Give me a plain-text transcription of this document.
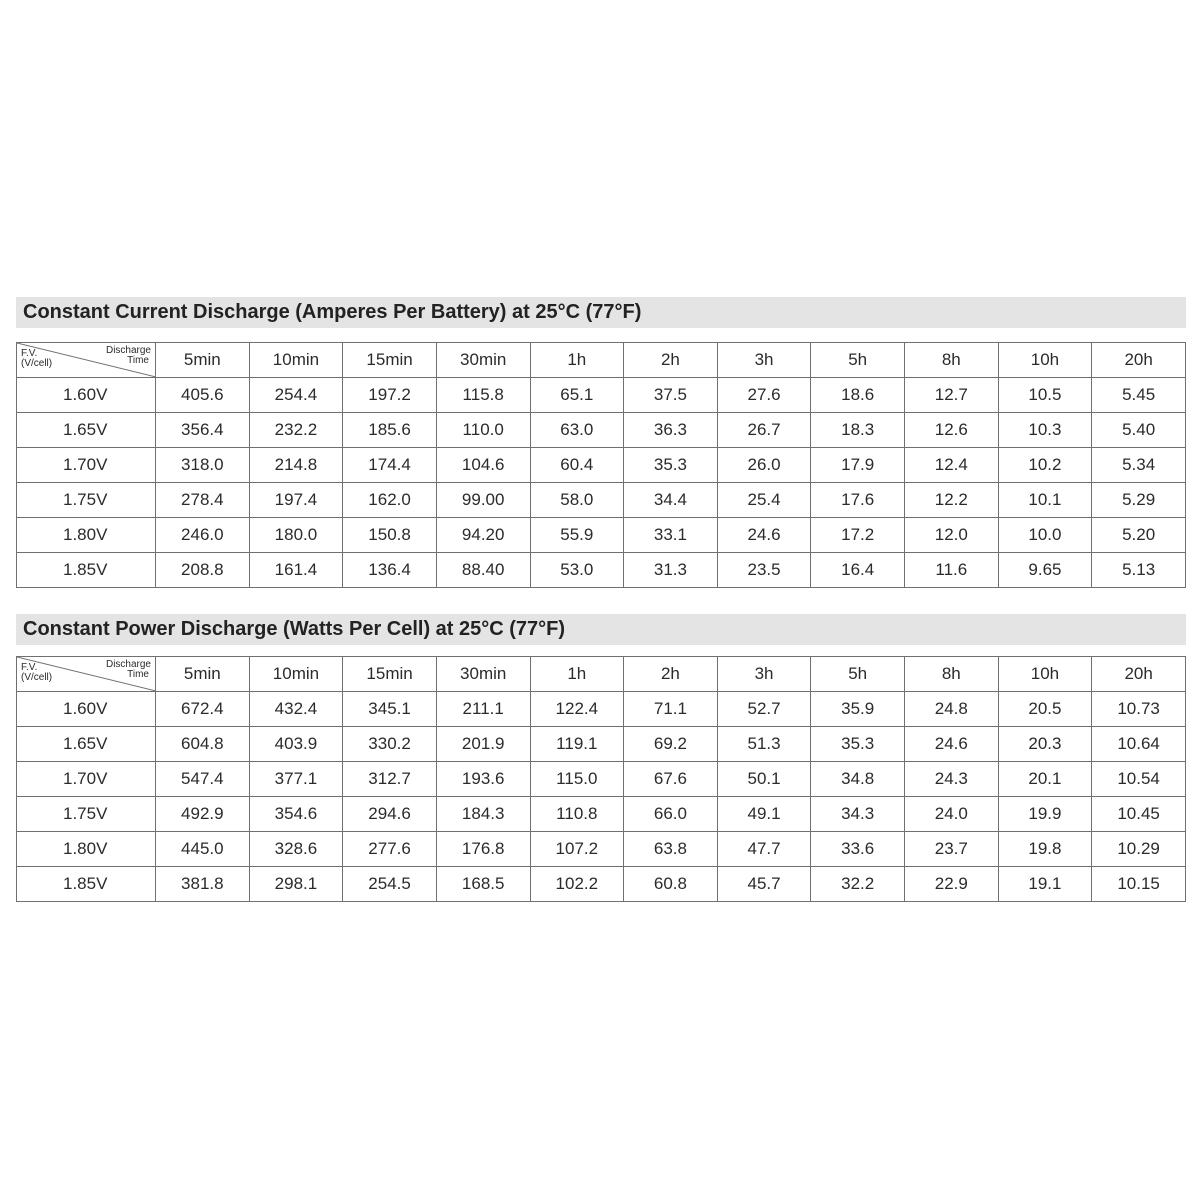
Constant Current Discharge (Amperes Per Battery) at 25°C (77°F)
F.V.
(V/cell)
Discharge
Time	5min	10min	15min	30min	1h	2h	3h	5h	8h	10h	20h
1.60V	405.6	254.4	197.2	115.8	65.1	37.5	27.6	18.6	12.7	10.5	5.45
1.65V	356.4	232.2	185.6	110.0	63.0	36.3	26.7	18.3	12.6	10.3	5.40
1.70V	318.0	214.8	174.4	104.6	60.4	35.3	26.0	17.9	12.4	10.2	5.34
1.75V	278.4	197.4	162.0	99.00	58.0	34.4	25.4	17.6	12.2	10.1	5.29
1.80V	246.0	180.0	150.8	94.20	55.9	33.1	24.6	17.2	12.0	10.0	5.20
1.85V	208.8	161.4	136.4	88.40	53.0	31.3	23.5	16.4	11.6	9.65	5.13
Constant Power Discharge (Watts Per Cell) at 25°C (77°F)
F.V.
(V/cell)
Discharge
Time	5min	10min	15min	30min	1h	2h	3h	5h	8h	10h	20h
1.60V	672.4	432.4	345.1	211.1	122.4	71.1	52.7	35.9	24.8	20.5	10.73
1.65V	604.8	403.9	330.2	201.9	119.1	69.2	51.3	35.3	24.6	20.3	10.64
1.70V	547.4	377.1	312.7	193.6	115.0	67.6	50.1	34.8	24.3	20.1	10.54
1.75V	492.9	354.6	294.6	184.3	110.8	66.0	49.1	34.3	24.0	19.9	10.45
1.80V	445.0	328.6	277.6	176.8	107.2	63.8	47.7	33.6	23.7	19.8	10.29
1.85V	381.8	298.1	254.5	168.5	102.2	60.8	45.7	32.2	22.9	19.1	10.15
